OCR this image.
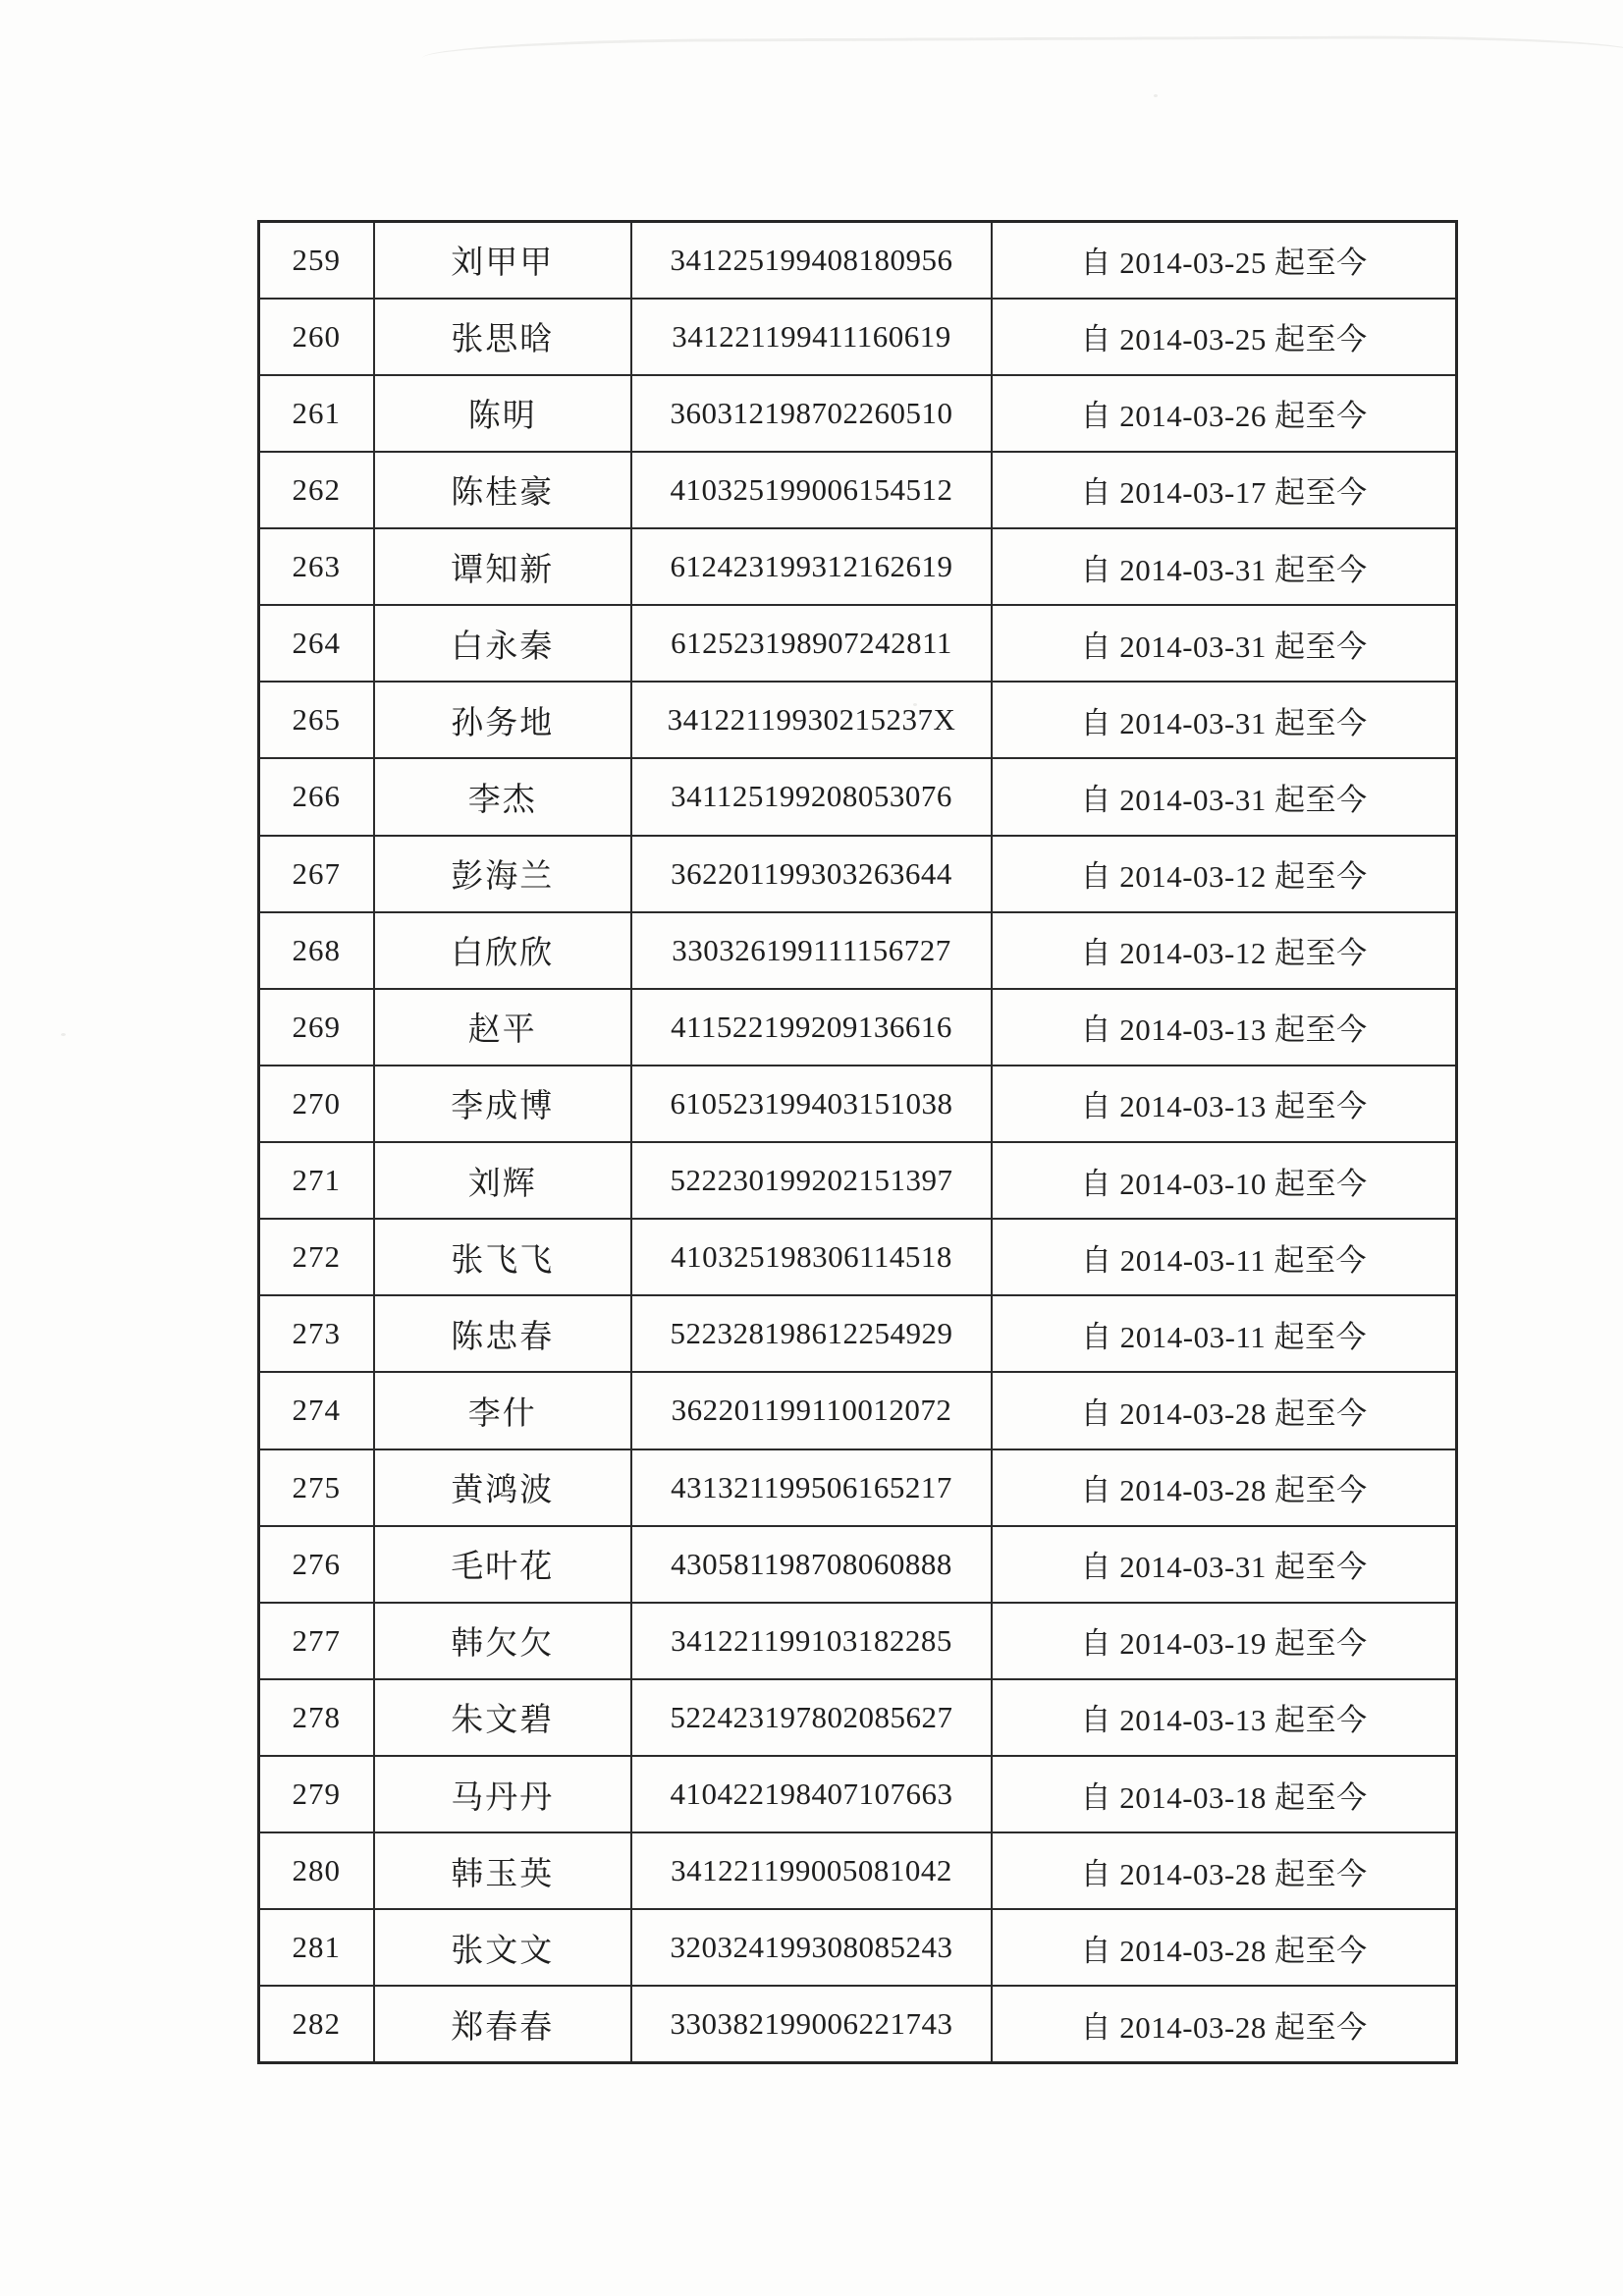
259	刘甲甲	341225199408180956	自 2014-03-25 起至今
260	张思晗	341221199411160619	自 2014-03-25 起至今
261	陈明	360312198702260510	自 2014-03-26 起至今
262	陈桂豪	410325199006154512	自 2014-03-17 起至今
263	谭知新	612423199312162619	自 2014-03-31 起至今
264	白永秦	612523198907242811	自 2014-03-31 起至今
265	孙务地	34122119930215237X	自 2014-03-31 起至今
266	李杰	341125199208053076	自 2014-03-31 起至今
267	彭海兰	362201199303263644	自 2014-03-12 起至今
268	白欣欣	330326199111156727	自 2014-03-12 起至今
269	赵平	411522199209136616	自 2014-03-13 起至今
270	李成博	610523199403151038	自 2014-03-13 起至今
271	刘辉	522230199202151397	自 2014-03-10 起至今
272	张飞飞	410325198306114518	自 2014-03-11 起至今
273	陈忠春	522328198612254929	自 2014-03-11 起至今
274	李什	362201199110012072	自 2014-03-28 起至今
275	黄鸿波	431321199506165217	自 2014-03-28 起至今
276	毛叶花	430581198708060888	自 2014-03-31 起至今
277	韩欠欠	341221199103182285	自 2014-03-19 起至今
278	朱文碧	522423197802085627	自 2014-03-13 起至今
279	马丹丹	410422198407107663	自 2014-03-18 起至今
280	韩玉英	341221199005081042	自 2014-03-28 起至今
281	张文文	320324199308085243	自 2014-03-28 起至今
282	郑春春	330382199006221743	自 2014-03-28 起至今
